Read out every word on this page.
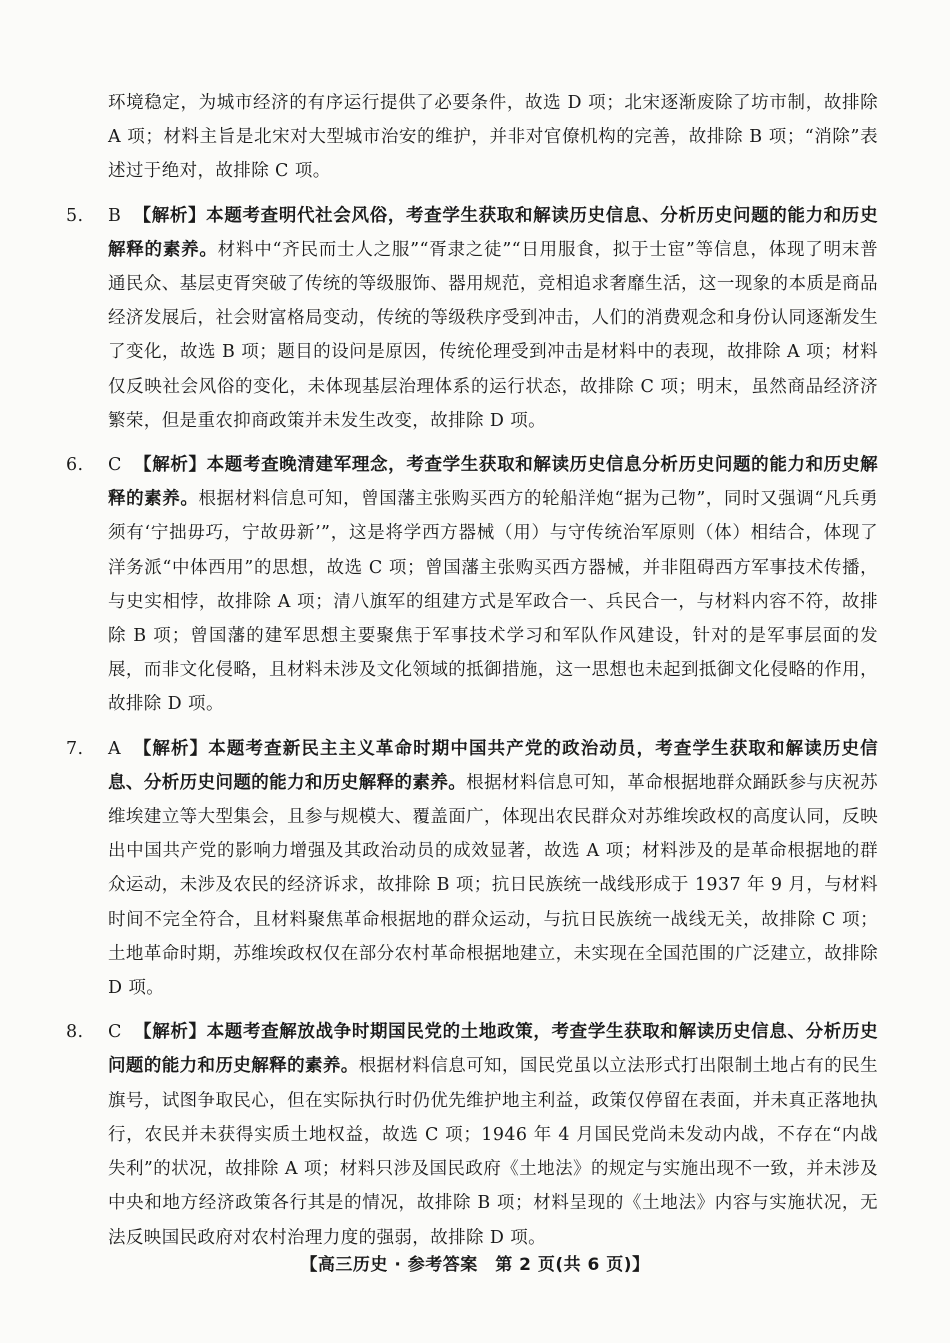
环境稳定，为城市经济的有序运行提供了必要条件，故选 D 项；北宋逐渐废除了坊市制，故排除 A 项；材料主旨是北宋对大型城市治安的维护，并非对官僚机构的完善，故排除 B 项；“消除”表述过于绝对，故排除 C 项。

5. B 【解析】本题考查明代社会风俗，考查学生获取和解读历史信息、分析历史问题的能力和历史解释的素养。材料中“齐民而士人之服”“胥隶之徒”“日用服食，拟于士宦”等信息，体现了明末普通民众、基层吏胥突破了传统的等级服饰、器用规范，竞相追求奢靡生活，这一现象的本质是商品经济发展后，社会财富格局变动，传统的等级秩序受到冲击，人们的消费观念和身份认同逐渐发生了变化，故选 B 项；题目的设问是原因，传统伦理受到冲击是材料中的表现，故排除 A 项；材料仅反映社会风俗的变化，未体现基层治理体系的运行状态，故排除 C 项；明末，虽然商品经济济繁荣，但是重农抑商政策并未发生改变，故排除 D 项。
6. C 【解析】本题考查晚清建军理念，考查学生获取和解读历史信息分析历史问题的能力和历史解释的素养。根据材料信息可知，曾国藩主张购买西方的轮船洋炮“据为己物”，同时又强调“凡兵勇须有‘宁拙毋巧，宁故毋新’”，这是将学西方器械（用）与守传统治军原则（体）相结合，体现了洋务派“中体西用”的思想，故选 C 项；曾国藩主张购买西方器械，并非阻碍西方军事技术传播，与史实相悖，故排除 A 项；清八旗军的组建方式是军政合一、兵民合一，与材料内容不符，故排除 B 项；曾国藩的建军思想主要聚焦于军事技术学习和军队作风建设，针对的是军事层面的发展，而非文化侵略，且材料未涉及文化领域的抵御措施，这一思想也未起到抵御文化侵略的作用，故排除 D 项。
7. A 【解析】本题考查新民主主义革命时期中国共产党的政治动员，考查学生获取和解读历史信息、分析历史问题的能力和历史解释的素养。根据材料信息可知，革命根据地群众踊跃参与庆祝苏维埃建立等大型集会，且参与规模大、覆盖面广，体现出农民群众对苏维埃政权的高度认同，反映出中国共产党的影响力增强及其政治动员的成效显著，故选 A 项；材料涉及的是革命根据地的群众运动，未涉及农民的经济诉求，故排除 B 项；抗日民族统一战线形成于 1937 年 9 月，与材料时间不完全符合，且材料聚焦革命根据地的群众运动，与抗日民族统一战线无关，故排除 C 项；土地革命时期，苏维埃政权仅在部分农村革命根据地建立，未实现在全国范围的广泛建立，故排除 D 项。
8. C 【解析】本题考查解放战争时期国民党的土地政策，考查学生获取和解读历史信息、分析历史问题的能力和历史解释的素养。根据材料信息可知，国民党虽以立法形式打出限制土地占有的民生旗号，试图争取民心，但在实际执行时仍优先维护地主利益，政策仅停留在表面，并未真正落地执行，农民并未获得实质土地权益，故选 C 项；1946 年 4 月国民党尚未发动内战，不存在“内战失利”的状况，故排除 A 项；材料只涉及国民政府《土地法》的规定与实施出现不一致，并未涉及中央和地方经济政策各行其是的情况，故排除 B 项；材料呈现的《土地法》内容与实施状况，无法反映国民政府对农村治理力度的强弱，故排除 D 项。
【高三历史 · 参考答案　第 2 页(共 6 页)】
